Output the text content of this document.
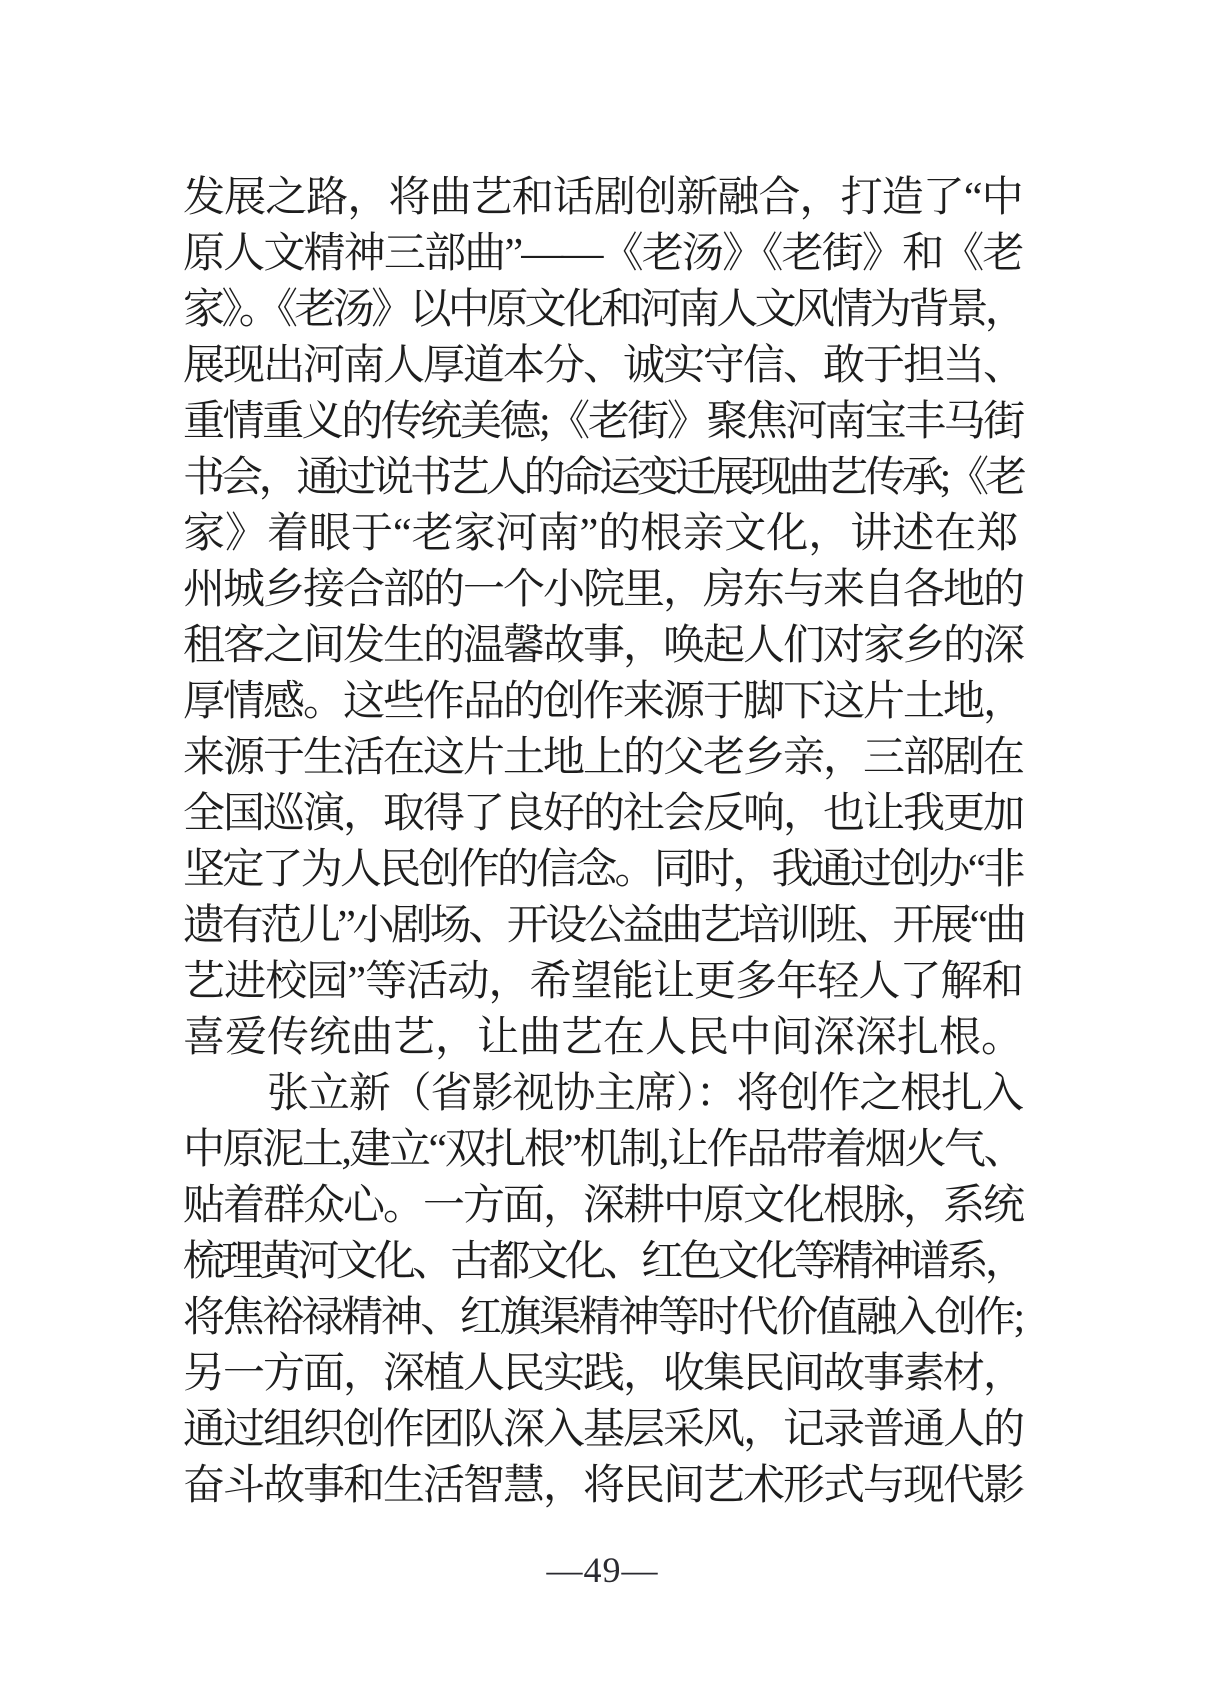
发展之路，将曲艺和话剧创新融合，打造了“中

原人文精神三部曲”——《老汤》《老街》和《老

家》。《老汤》以中原文化和河南人文风情为背景，

展现出河南人厚道本分、诚实守信、敢于担当、

重情重义的传统美德;《老街》聚焦河南宝丰马街

书会，通过说书艺人的命运变迁展现曲艺传承;《老

家》着眼于“老家河南”的根亲文化，讲述在郑

州城乡接合部的一个小院里，房东与来自各地的

租客之间发生的温馨故事，唤起人们对家乡的深

厚情感。这些作品的创作来源于脚下这片土地，

来源于生活在这片土地上的父老乡亲，三部剧在

全国巡演，取得了良好的社会反响，也让我更加

坚定了为人民创作的信念。同时，我通过创办“非

遗有范儿”小剧场、开设公益曲艺培训班、开展“曲

艺进校园”等活动，希望能让更多年轻人了解和

喜爱传统曲艺，让曲艺在人民中间深深扎根。

张立新（省影视协主席）：将创作之根扎入

中原泥土,建立“双扎根”机制,让作品带着烟火气、

贴着群众心。一方面，深耕中原文化根脉，系统

梳理黄河文化、古都文化、红色文化等精神谱系，

将焦裕禄精神、红旗渠精神等时代价值融入创作;

另一方面，深植人民实践，收集民间故事素材，

通过组织创作团队深入基层采风，记录普通人的

奋斗故事和生活智慧，将民间艺术形式与现代影

—49—
